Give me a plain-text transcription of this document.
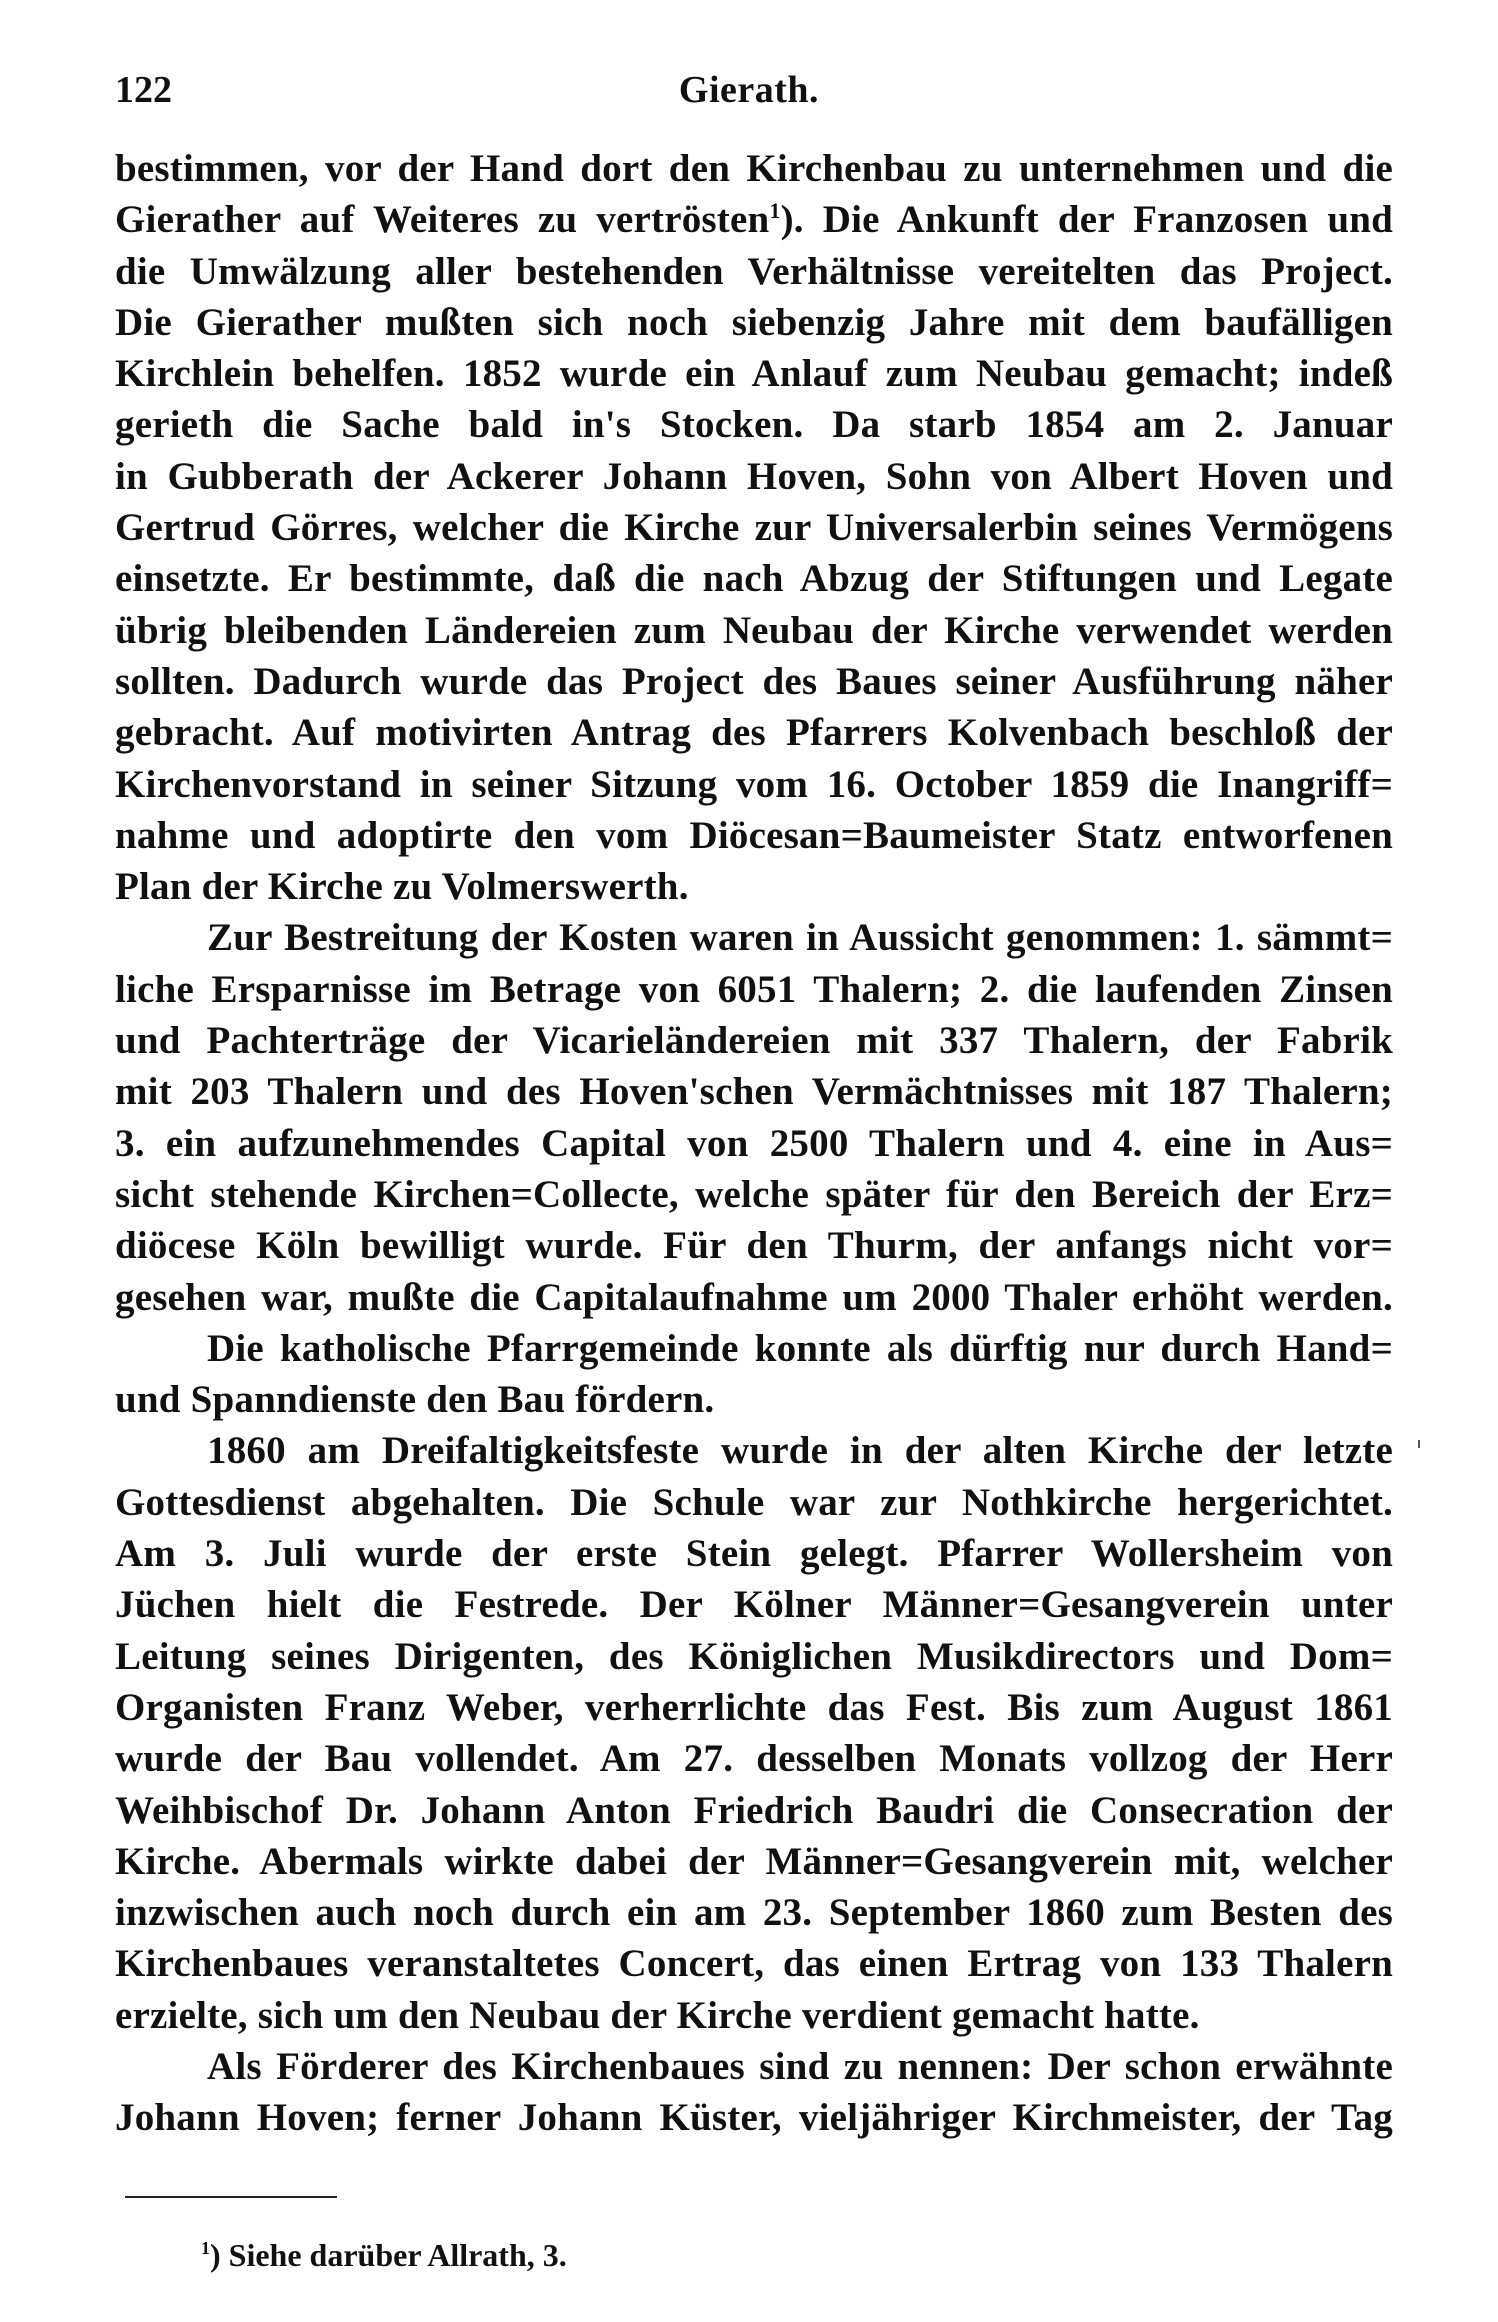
122	Gierath.
bestimmen, vor der Hand dort den Kirchenbau zu unternehmen und die
Gierather auf Weiteres zu vertrösten$^1$). Die Ankunft der Franzosen und
die Umwälzung aller bestehenden Verhältnisse vereitelten das Project.
Die Gierather mußten sich noch siebenzig Jahre mit dem baufälligen
Kirchlein behelfen. 1852 wurde ein Anlauf zum Neubau gemacht; indeß
gerieth die Sache bald in's Stocken. Da starb 1854 am 2. Januar
in Gubberath der Ackerer Johann Hoven, Sohn von Albert Hoven und
Gertrud Görres, welcher die Kirche zur Universalerbin seines Vermögens
einsetzte. Er bestimmte, daß die nach Abzug der Stiftungen und Legate
übrig bleibenden Ländereien zum Neubau der Kirche verwendet werden
sollten. Dadurch wurde das Project des Baues seiner Ausführung näher
gebracht. Auf motivirten Antrag des Pfarrers Kolvenbach beschloß der
Kirchenvorstand in seiner Sitzung vom 16. October 1859 die Inangriff=
nahme und adoptirte den vom Diöcesan=Baumeister Statz entworfenen
Plan der Kirche zu Volmerswerth.
Zur Bestreitung der Kosten waren in Aussicht genommen: 1. sämmt=
liche Ersparnisse im Betrage von 6051 Thalern; 2. die laufenden Zinsen
und Pachterträge der Vicarieländereien mit 337 Thalern, der Fabrik
mit 203 Thalern und des Hoven'schen Vermächtnisses mit 187 Thalern;
3. ein aufzunehmendes Capital von 2500 Thalern und 4. eine in Aus=
sicht stehende Kirchen=Collecte, welche später für den Bereich der Erz=
diöcese Köln bewilligt wurde. Für den Thurm, der anfangs nicht vor=
gesehen war, mußte die Capitalaufnahme um 2000 Thaler erhöht werden.
Die katholische Pfarrgemeinde konnte als dürftig nur durch Hand=
und Spanndienste den Bau fördern.
1860 am Dreifaltigkeitsfeste wurde in der alten Kirche der letzte
Gottesdienst abgehalten. Die Schule war zur Nothkirche hergerichtet.
Am 3. Juli wurde der erste Stein gelegt. Pfarrer Wollersheim von
Jüchen hielt die Festrede. Der Kölner Männer=Gesangverein unter
Leitung seines Dirigenten, des Königlichen Musikdirectors und Dom=
Organisten Franz Weber, verherrlichte das Fest. Bis zum August 1861
wurde der Bau vollendet. Am 27. desselben Monats vollzog der Herr
Weihbischof Dr. Johann Anton Friedrich Baudri die Consecration der
Kirche. Abermals wirkte dabei der Männer=Gesangverein mit, welcher
inzwischen auch noch durch ein am 23. September 1860 zum Besten des
Kirchenbaues veranstaltetes Concert, das einen Ertrag von 133 Thalern
erzielte, sich um den Neubau der Kirche verdient gemacht hatte.
Als Förderer des Kirchenbaues sind zu nennen: Der schon erwähnte
Johann Hoven; ferner Johann Küster, vieljähriger Kirchmeister, der Tag
$^1$) Siehe darüber Allrath, 3.
